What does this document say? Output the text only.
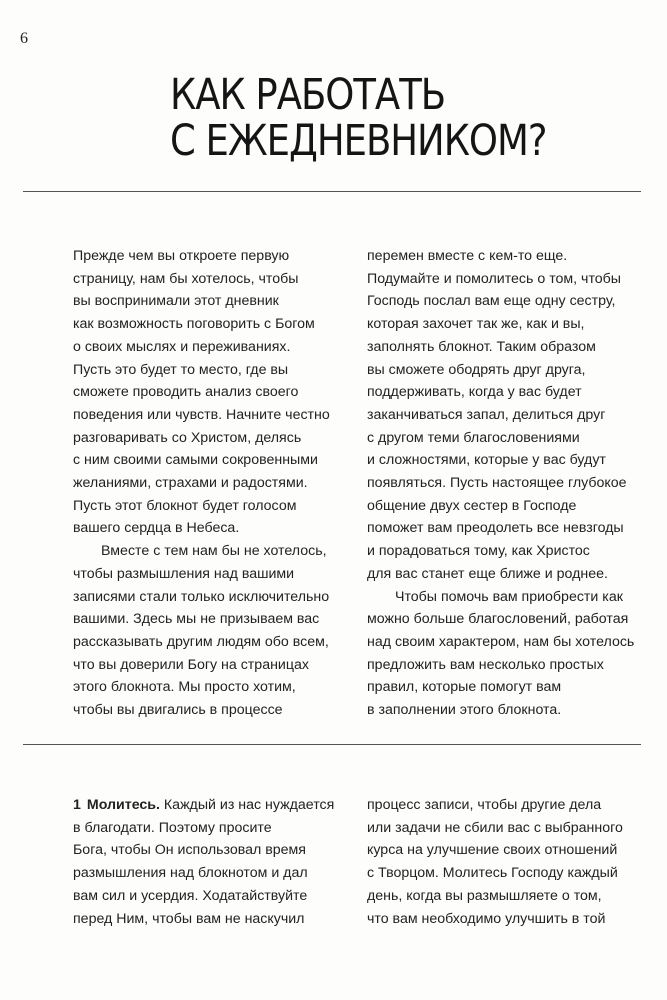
6
КАК РАБОТАТЬ
С ЕЖЕДНЕВНИКОМ?

Прежде чем вы откроете первую
страницу, нам бы хотелось, чтобы
вы воспринимали этот дневник
как возможность поговорить с Богом
о своих мыслях и переживаниях.
Пусть это будет то место, где вы
сможете проводить анализ своего
поведения или чувств. Начните честно
разговаривать со Христом, делясь
с ним своими самыми сокровенными
желаниями, страхами и радостями.
Пусть этот блокнот будет голосом
вашего сердца в Небеса.

Вместе с тем нам бы не хотелось,
чтобы размышления над вашими
записями стали только исключительно
вашими. Здесь мы не призываем вас
рассказывать другим людям обо всем,
что вы доверили Богу на страницах
этого блокнота. Мы просто хотим,
чтобы вы двигались в процессе

перемен вместе с кем-то еще.
Подумайте и помолитесь о том, чтобы
Господь послал вам еще одну сестру,
которая захочет так же, как и вы,
заполнять блокнот. Таким образом
вы сможете ободрять друг друга,
поддерживать, когда у вас будет
заканчиваться запал, делиться друг
с другом теми благословениями
и сложностями, которые у вас будут
появляться. Пусть настоящее глубокое
общение двух сестер в Господе
поможет вам преодолеть все невзгоды
и порадоваться тому, как Христос
для вас станет еще ближе и роднее.

Чтобы помочь вам приобрести как
можно больше благословений, работая
над своим характером, нам бы хотелось
предложить вам несколько простых
правил, которые помогут вам
в заполнении этого блокнота.

1 Молитесь. Каждый из нас нуждается
в благодати. Поэтому просите
Бога, чтобы Он использовал время
размышления над блокнотом и дал
вам сил и усердия. Ходатайствуйте
перед Ним, чтобы вам не наскучил

процесс записи, чтобы другие дела
или задачи не сбили вас с выбранного
курса на улучшение своих отношений
с Творцом. Молитесь Господу каждый
день, когда вы размышляете о том,
что вам необходимо улучшить в той
